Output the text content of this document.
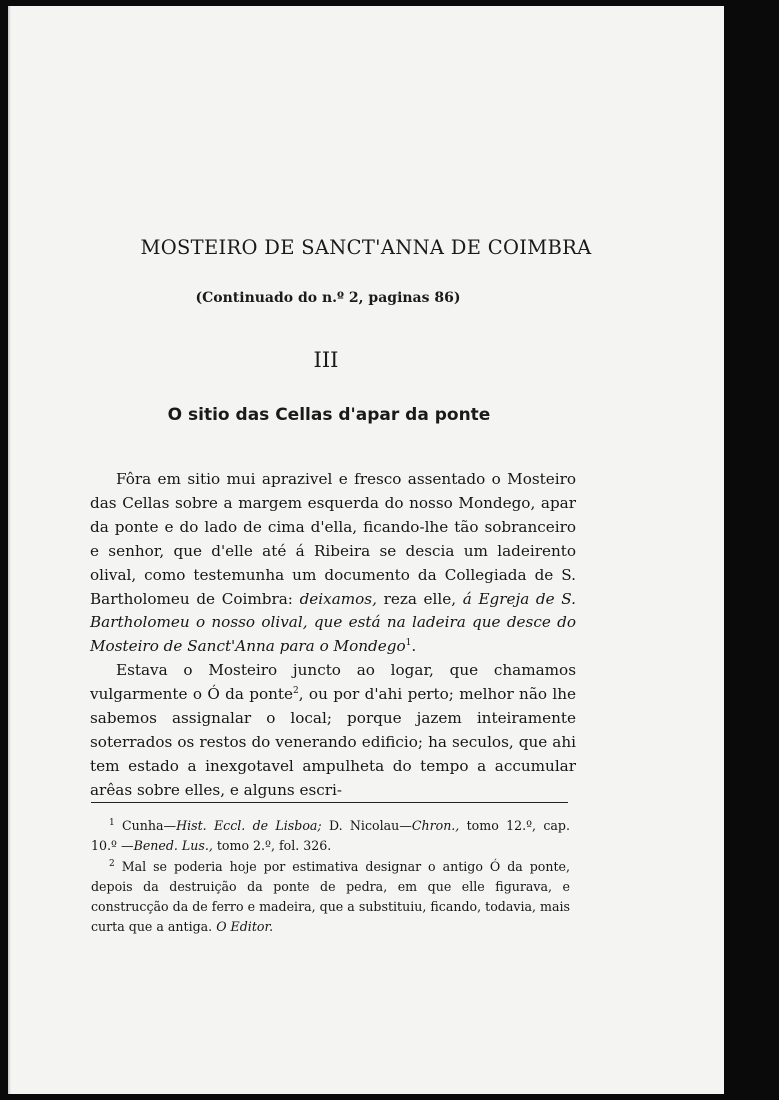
MOSTEIRO DE SANCT'ANNA DE COIMBRA
(Continuado do n.º 2, paginas 86)
III
O sitio das Cellas d'apar da ponte

Fôra em sitio mui aprazivel e fresco assentado o Mosteiro das Cellas sobre a margem esquerda do nosso Mondego, apar da ponte e do lado de cima d'ella, ficando-lhe tão sobranceiro e senhor, que d'elle até á Ribeira se descia um ladeirento olival, como testemunha um documento da Collegiada de S. Bartholomeu de Coimbra: deixamos, reza elle, á Egreja de S. Bartholomeu o nosso olival, que está na ladeira que desce do Mosteiro de Sanct'Anna para o Mondego$^1$.

Estava o Mosteiro juncto ao logar, que chamamos vulgarmente o Ó da ponte$^2$, ou por d'ahi perto; melhor não lhe sabemos assignalar o local; porque jazem inteiramente soterrados os restos do venerando edificio; ha seculos, que ahi tem estado a inexgotavel ampulheta do tempo a accumular arêas sobre elles, e alguns escri-

$^1$ Cunha—Hist. Eccl. de Lisboa; D. Nicolau—Chron., tomo 12.º, cap. 10.º —Bened. Lus., tomo 2.º, fol. 326.

$^2$ Mal se poderia hoje por estimativa designar o antigo Ó da ponte, depois da destruição da ponte de pedra, em que elle figurava, e construcção da de ferro e madeira, que a substituiu, ficando, todavia, mais curta que a antiga. O Editor.
